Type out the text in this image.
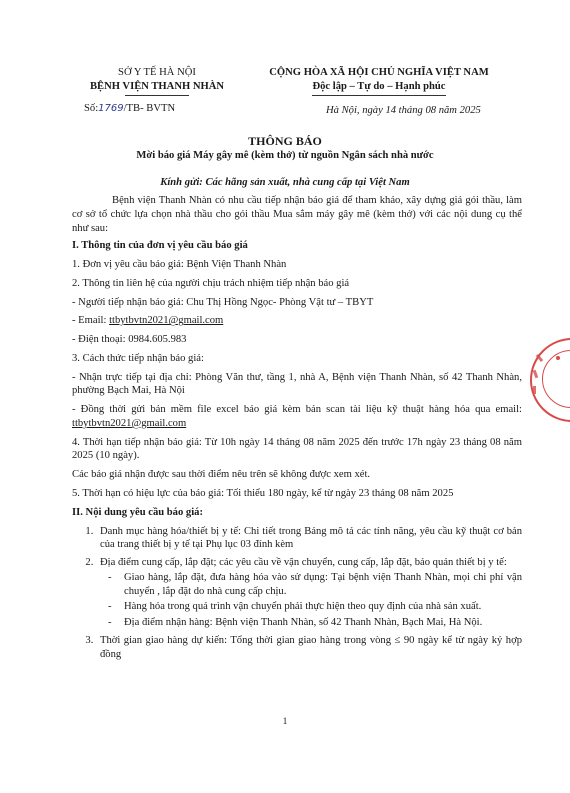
SỞ Y TẾ HÀ NỘI
BỆNH VIỆN THANH NHÀN
CỘNG HÒA XÃ HỘI CHỦ NGHĨA VIỆT NAM
Độc lập – Tự do – Hạnh phúc
Số:1769/TB- BVTN	Hà Nội, ngày 14 tháng 08 năm 2025
THÔNG BÁO
Mời báo giá Máy gây mê (kèm thở) từ nguồn Ngân sách nhà nước
Kính gửi: Các hãng sản xuất, nhà cung cấp tại Việt Nam

Bệnh viện Thanh Nhàn có nhu cầu tiếp nhận báo giá để tham khảo, xây dựng giá gói thầu, làm cơ sở tổ chức lựa chọn nhà thầu cho gói thầu Mua sắm máy gây mê (kèm thở) với các nội dung cụ thể như sau:

I. Thông tin của đơn vị yêu cầu báo giá

1. Đơn vị yêu cầu báo giá: Bệnh Viện Thanh Nhàn

2. Thông tin liên hệ của người chịu trách nhiệm tiếp nhận báo giá

- Người tiếp nhận báo giá: Chu Thị Hồng Ngọc- Phòng Vật tư – TBYT

- Email: ttbytbvtn2021@gmail.com

- Điện thoại: 0984.605.983

3. Cách thức tiếp nhận báo giá:

- Nhận trực tiếp tại địa chỉ: Phòng Văn thư, tầng 1, nhà A, Bệnh viện Thanh Nhàn, số 42 Thanh Nhàn, phường Bạch Mai, Hà Nội

- Đồng thời gửi bản mềm file excel báo giá kèm bản scan tài liệu kỹ thuật hàng hóa qua email: ttbytbvtn2021@gmail.com

4. Thời hạn tiếp nhận báo giá: Từ 10h ngày 14 tháng 08 năm 2025 đến trước 17h ngày 23 tháng 08 năm 2025 (10 ngày).

Các báo giá nhận được sau thời điểm nêu trên sẽ không được xem xét.

5. Thời hạn có hiệu lực của báo giá: Tối thiểu 180 ngày, kể từ ngày 23 tháng 08 năm 2025

II. Nội dung yêu cầu báo giá:

1. Danh mục hàng hóa/thiết bị y tế: Chi tiết trong Bảng mô tả các tính năng, yêu cầu kỹ thuật cơ bản của trang thiết bị y tế tại Phụ lục 03 đính kèm
2. Địa điểm cung cấp, lắp đặt; các yêu cầu về vận chuyển, cung cấp, lắp đặt, bảo quản thiết bị y tế:
- Giao hàng, lắp đặt, đưa hàng hóa vào sử dụng: Tại bệnh viện Thanh Nhàn, mọi chi phí vận chuyển , lắp đặt do nhà cung cấp chịu.
- Hàng hóa trong quá trình vận chuyển phải thực hiện theo quy định của nhà sản xuất.
- Địa điểm nhận hàng: Bệnh viện Thanh Nhàn, số 42 Thanh Nhàn, Bạch Mai, Hà Nội.
3. Thời gian giao hàng dự kiến: Tổng thời gian giao hàng trong vòng ≤ 90 ngày kể từ ngày ký hợp đồng
1
